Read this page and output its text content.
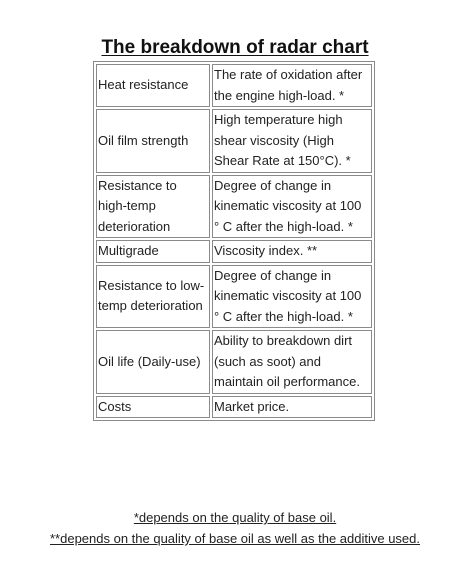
The breakdown of radar chart
Heat resistance	The rate of oxidation after the engine high-load. *
Oil film strength	High temperature high shear viscosity (High Shear Rate at 150°C). *
Resistance to high-temp deterioration	Degree of change in kinematic viscosity at 100 ° C after the high-load. *
Multigrade	Viscosity index. **
Resistance to low-temp deterioration	Degree of change in kinematic viscosity at 100 ° C after the high-load. *
Oil life (Daily-use)	Ability to breakdown dirt (such as soot) and maintain oil performance.
Costs	Market price.
*depends on the quality of base oil.
**depends on the quality of base oil as well as the additive used.
